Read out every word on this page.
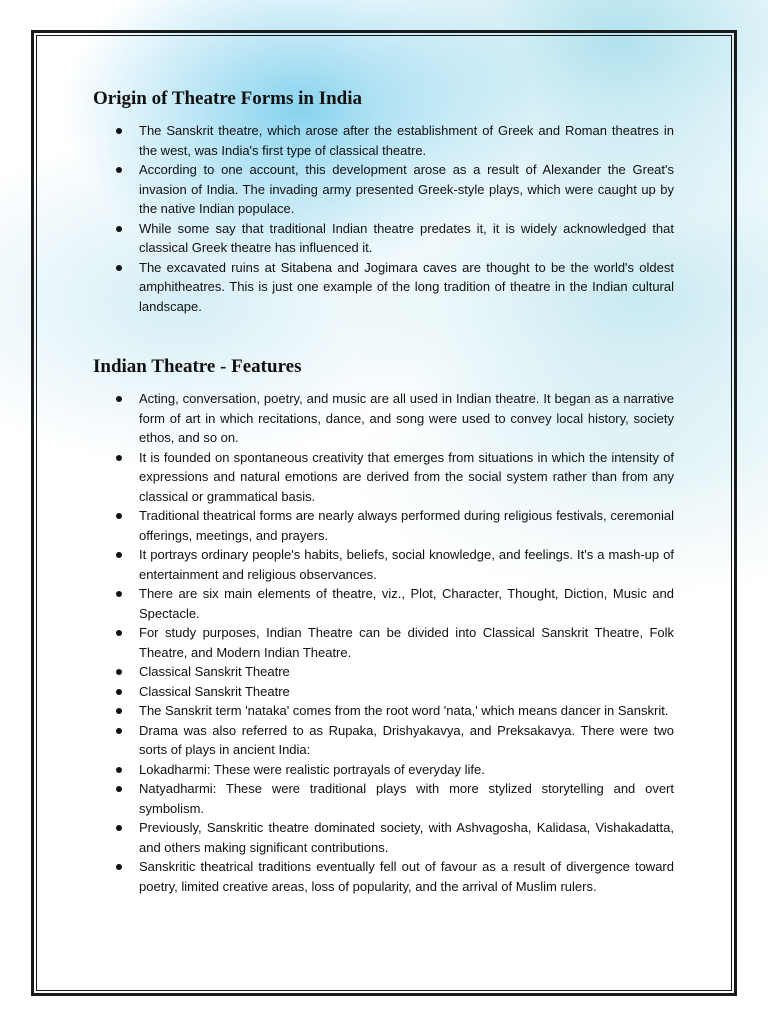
Origin of Theatre Forms in India
The Sanskrit theatre, which arose after the establishment of Greek and Roman theatres in the west, was India's first type of classical theatre.
According to one account, this development arose as a result of Alexander the Great's invasion of India. The invading army presented Greek-style plays, which were caught up by the native Indian populace.
While some say that traditional Indian theatre predates it, it is widely acknowledged that classical Greek theatre has influenced it.
The excavated ruins at Sitabena and Jogimara caves are thought to be the world's oldest amphitheatres. This is just one example of the long tradition of theatre in the Indian cultural landscape.
Indian Theatre - Features
Acting, conversation, poetry, and music are all used in Indian theatre. It began as a narrative form of art in which recitations, dance, and song were used to convey local history, society ethos, and so on.
It is founded on spontaneous creativity that emerges from situations in which the intensity of expressions and natural emotions are derived from the social system rather than from any classical or grammatical basis.
Traditional theatrical forms are nearly always performed during religious festivals, ceremonial offerings, meetings, and prayers.
It portrays ordinary people's habits, beliefs, social knowledge, and feelings. It's a mash-up of entertainment and religious observances.
There are six main elements of theatre, viz., Plot, Character, Thought, Diction, Music and Spectacle.
For study purposes, Indian Theatre can be divided into Classical Sanskrit Theatre, Folk Theatre, and Modern Indian Theatre.
Classical Sanskrit Theatre
Classical Sanskrit Theatre
The Sanskrit term 'nataka' comes from the root word 'nata,' which means dancer in Sanskrit.
Drama was also referred to as Rupaka, Drishyakavya, and Preksakavya. There were two sorts of plays in ancient India:
Lokadharmi: These were realistic portrayals of everyday life.
Natyadharmi: These were traditional plays with more stylized storytelling and overt symbolism.
Previously, Sanskritic theatre dominated society, with Ashvagosha, Kalidasa, Vishakadatta, and others making significant contributions.
Sanskritic theatrical traditions eventually fell out of favour as a result of divergence toward poetry, limited creative areas, loss of popularity, and the arrival of Muslim rulers.
